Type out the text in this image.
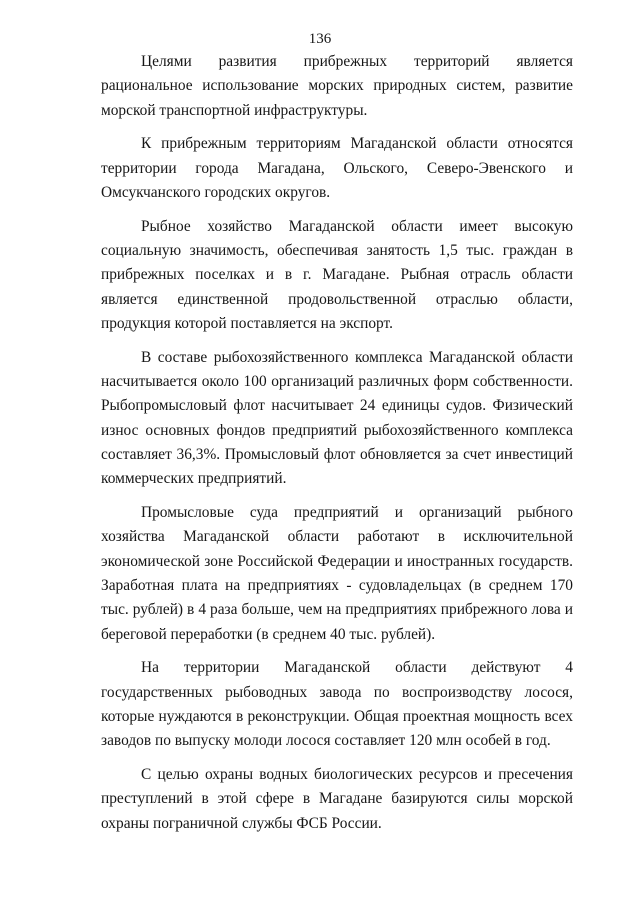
136

Целями развития прибрежных территорий является рациональное использование морских природных систем, развитие морской транспортной инфраструктуры.

К прибрежным территориям Магаданской области относятся территории города Магадана, Ольского, Северо-Эвенского и Омсукчанского городских округов.

Рыбное хозяйство Магаданской области имеет высокую социальную значимость, обеспечивая занятость 1,5 тыс. граждан в прибрежных поселках и в г. Магадане. Рыбная отрасль области является единственной продовольственной отраслью области, продукция которой поставляется на экспорт.

В составе рыбохозяйственного комплекса Магаданской области насчитывается около 100 организаций различных форм собственности. Рыбопромысловый флот насчитывает 24 единицы судов. Физический износ основных фондов предприятий рыбохозяйственного комплекса составляет 36,3%. Промысловый флот обновляется за счет инвестиций коммерческих предприятий.

Промысловые суда предприятий и организаций рыбного хозяйства Магаданской области работают в исключительной экономической зоне Российской Федерации и иностранных государств. Заработная плата на предприятиях - судовладельцах (в среднем 170 тыс. рублей) в 4 раза больше, чем на предприятиях прибрежного лова и береговой переработки (в среднем 40 тыс. рублей).

На территории Магаданской области действуют 4 государственных рыбоводных завода по воспроизводству лосося, которые нуждаются в реконструкции. Общая проектная мощность всех заводов по выпуску молоди лосося составляет 120 млн особей в год.

С целью охраны водных биологических ресурсов и пресечения преступлений в этой сфере в Магадане базируются силы морской охраны пограничной службы ФСБ России.
